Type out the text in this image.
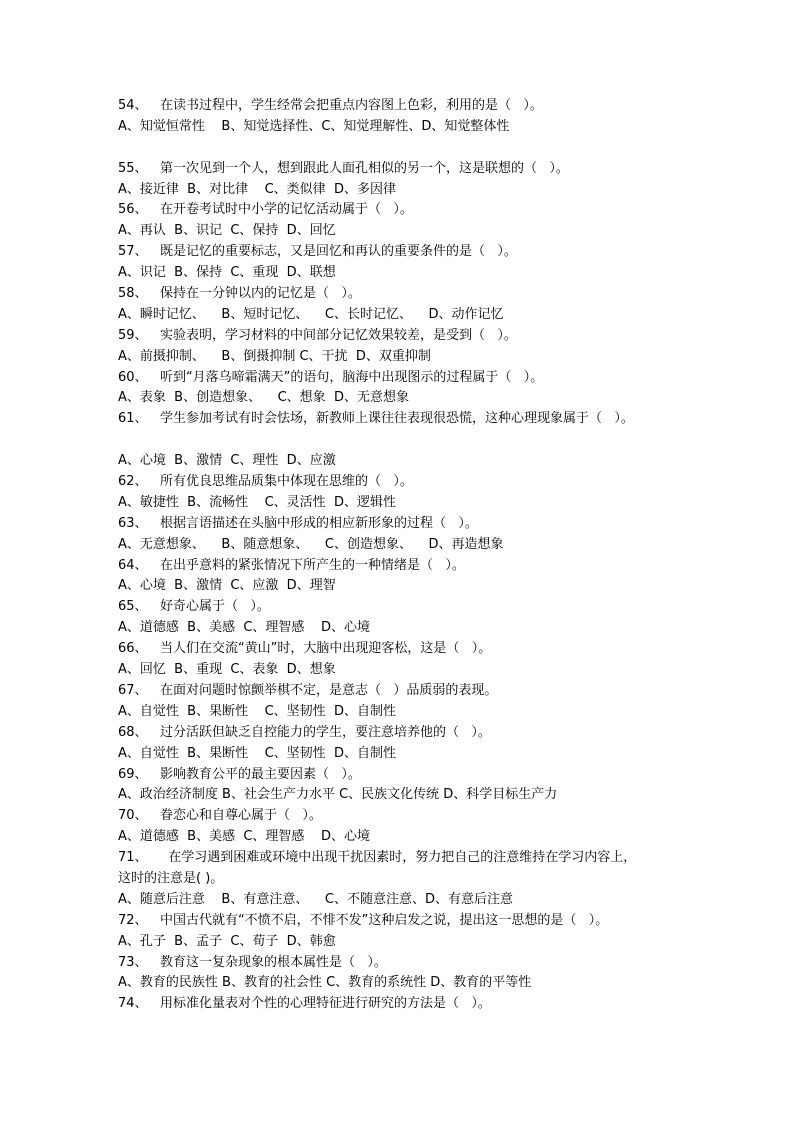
54、   在读书过程中，学生经常会把重点内容图上色彩，利用的是（   ）。
A、知觉恒常性    B、知觉选择性、C、知觉理解性、D、知觉整体性
55、   第一次见到一个人，想到跟此人面孔相似的另一个，这是联想的（   ）。
A、接近律  B、对比律    C、类似律  D、多因律
56、   在开卷考试时中小学的记忆活动属于（   ）。
A、再认  B、识记  C、保持  D、回忆
57、   既是记忆的重要标志，又是回忆和再认的重要条件的是（   ）。
A、识记  B、保持  C、重现  D、联想
58、   保持在一分钟以内的记忆是（   ）。
A、瞬时记忆、    B、短时记忆、    C、长时记忆、    D、动作记忆
59、   实验表明，学习材料的中间部分记忆效果较差，是受到（   ）。
A、前摄抑制、    B、倒摄抑制 C、干扰  D、双重抑制
60、   听到“月落乌啼霜满天”的语句，脑海中出现图示的过程属于（   ）。
A、表象  B、创造想象、    C、想象  D、无意想象
61、   学生参加考试有时会怯场，新教师上课往往表现很恐慌，这种心理现象属于（   ）。
A、心境  B、激情  C、理性  D、应激
62、   所有优良思维品质集中体现在思维的（   ）。
A、敏捷性  B、流畅性    C、灵活性  D、逻辑性
63、   根据言语描述在头脑中形成的相应新形象的过程（   ）。
A、无意想象、    B、随意想象、    C、创造想象、    D、再造想象
64、   在出乎意料的紧张情况下所产生的一种情绪是（   ）。
A、心境  B、激情  C、应激  D、理智
65、   好奇心属于（   ）。
A、道德感  B、美感  C、理智感    D、心境
66、   当人们在交流“黄山”时，大脑中出现迎客松，这是（   ）。
A、回忆  B、重现  C、表象  D、想象
67、   在面对问题时惊颤举棋不定，是意志（   ）品质弱的表现。
A、自觉性  B、果断性    C、坚韧性  D、自制性
68、   过分活跃但缺乏自控能力的学生，要注意培养他的（   ）。
A、自觉性  B、果断性    C、坚韧性  D、自制性
69、   影响教育公平的最主要因素（   ）。
A、政治经济制度 B、社会生产力水平 C、民族文化传统 D、科学目标生产力
70、   眷恋心和自尊心属于（   ）。
A、道德感  B、美感  C、理智感    D、心境
71、     在学习遇到困难或环境中出现干扰因素时，努力把自己的注意维持在学习内容上，
这时的注意是( )。
A、随意后注意    B、有意注意、    C、不随意注意、D、有意后注意
72、   中国古代就有“不愤不启，不悱不发”这种启发之说，提出这一思想的是（   ）。
A、孔子  B、孟子  C、荀子  D、韩愈
73、   教育这一复杂现象的根本属性是（   ）。
A、教育的民族性 B、教育的社会性 C、教育的系统性 D、教育的平等性
74、   用标准化量表对个性的心理特征进行研究的方法是（   ）。
